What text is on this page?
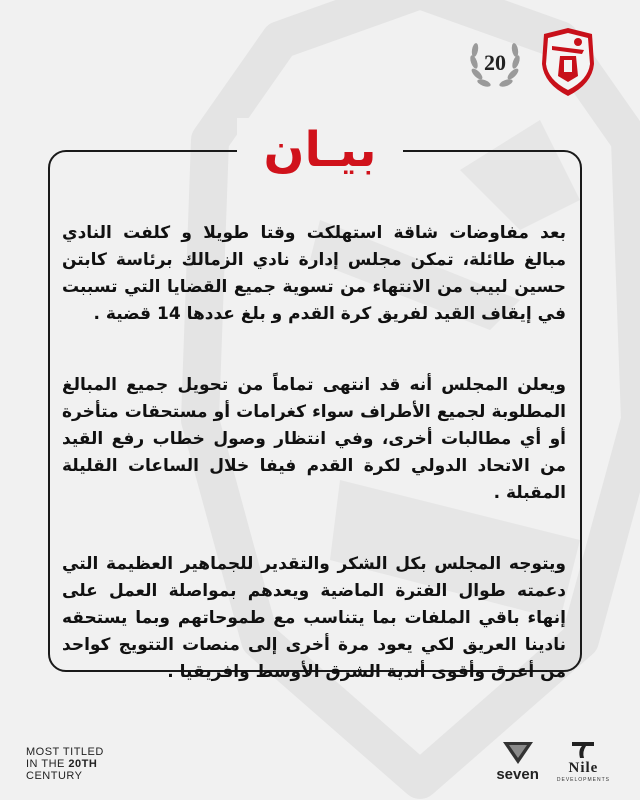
20
بيـان

بعد مفاوضات شاقة استهلكت وقتا طويلا و كلفت النادي مبالغ طائلة، تمكن مجلس إدارة نادي الزمالك برئاسة كابتن حسين لبيب من الانتهاء من تسوية جميع القضايا التي تسببت في إيقاف القيد لفريق كرة القدم و بلغ عددها 14 قضية .

ويعلن المجلس أنه قد انتهى تماماً من تحويل جميع المبالغ المطلوبة لجميع الأطراف سواء كغرامات أو مستحقات متأخرة أو أي مطالبات أخرى، وفي انتظار وصول خطاب رفع القيد من الاتحاد الدولي لكرة القدم فيفا خلال الساعات القليلة المقبلة .

ويتوجه المجلس بكل الشكر والتقدير للجماهير العظيمة التي دعمته طوال الفترة الماضية ويعدهم بمواصلة العمل على إنهاء باقي الملفات بما يتناسب مع طموحاتهم وبما يستحقه نادينا العريق لكي يعود مرة أخرى إلى منصات التتويج كواحد من أعرق وأقوى أندية الشرق الأوسط وافريقيا .

MOST TITLED
IN THE 20TH
CENTURY	seven Nile
DEVELOPMENTS
